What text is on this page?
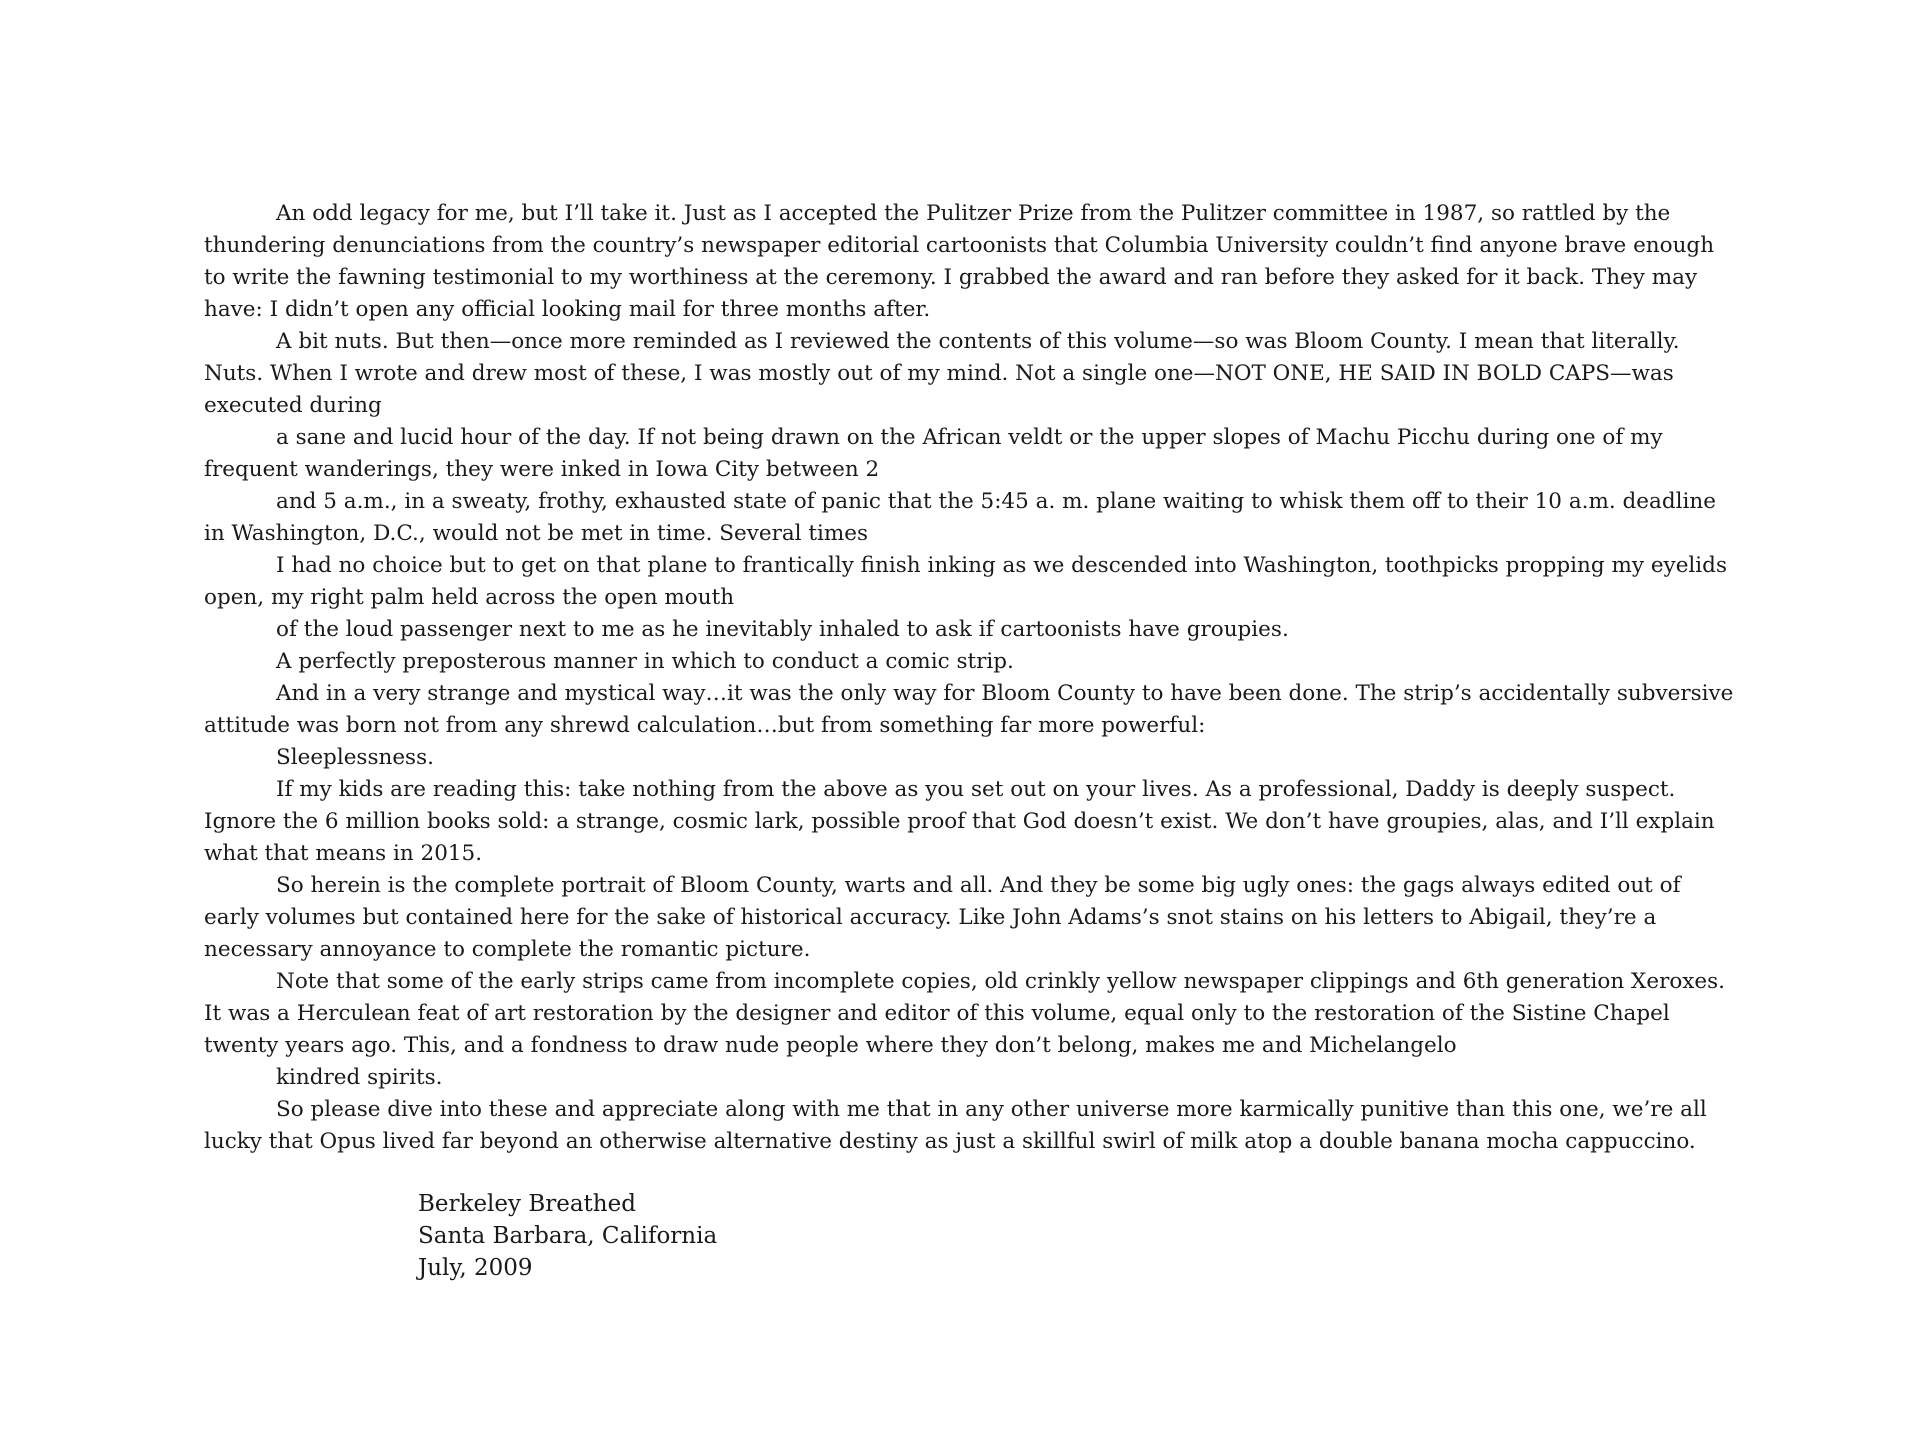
An odd legacy for me, but I’ll take it. Just as I accepted the Pulitzer Prize from the Pulitzer committee in 1987, so rattled by the thundering denunciations from the country’s newspaper editorial cartoonists that Columbia University couldn’t find anyone brave enough to write the fawning testimonial to my worthiness at the ceremony. I grabbed the award and ran before they asked for it back. They may have: I didn’t open any official looking mail for three months after.

A bit nuts. But then—once more reminded as I reviewed the contents of this volume—so was Bloom County. I mean that literally. Nuts. When I wrote and drew most of these, I was mostly out of my mind. Not a single one—NOT ONE, HE SAID IN BOLD CAPS—was executed during

a sane and lucid hour of the day. If not being drawn on the African veldt or the upper slopes of Machu Picchu during one of my frequent wanderings, they were inked in Iowa City between 2

and 5 a.m., in a sweaty, frothy, exhausted state of panic that the 5:45 a. m. plane waiting to whisk them off to their 10 a.m. deadline in Washington, D.C., would not be met in time. Several times

I had no choice but to get on that plane to frantically finish inking as we descended into Washington, toothpicks propping my eyelids open, my right palm held across the open mouth

of the loud passenger next to me as he inevitably inhaled to ask if cartoonists have groupies.

A perfectly preposterous manner in which to conduct a comic strip.

And in a very strange and mystical way…it was the only way for Bloom County to have been done. The strip’s accidentally subversive attitude was born not from any shrewd calculation…but from something far more powerful:

Sleeplessness.

If my kids are reading this: take nothing from the above as you set out on your lives. As a professional, Daddy is deeply suspect. Ignore the 6 million books sold: a strange, cosmic lark, possible proof that God doesn’t exist. We don’t have groupies, alas, and I’ll explain what that means in 2015.

So herein is the complete portrait of Bloom County, warts and all. And they be some big ugly ones: the gags always edited out of early volumes but contained here for the sake of historical accuracy. Like John Adams’s snot stains on his letters to Abigail, they’re a necessary annoyance to complete the romantic picture.

Note that some of the early strips came from incomplete copies, old crinkly yellow newspaper clippings and 6th generation Xeroxes. It was a Herculean feat of art restoration by the designer and editor of this volume, equal only to the restoration of the Sistine Chapel twenty years ago. This, and a fondness to draw nude people where they don’t belong, makes me and Michelangelo

kindred spirits.

So please dive into these and appreciate along with me that in any other universe more karmically punitive than this one, we’re all lucky that Opus lived far beyond an otherwise alternative destiny as just a skillful swirl of milk atop a double banana mocha cappuccino.

Berkeley Breathed
Santa Barbara, California
July, 2009
